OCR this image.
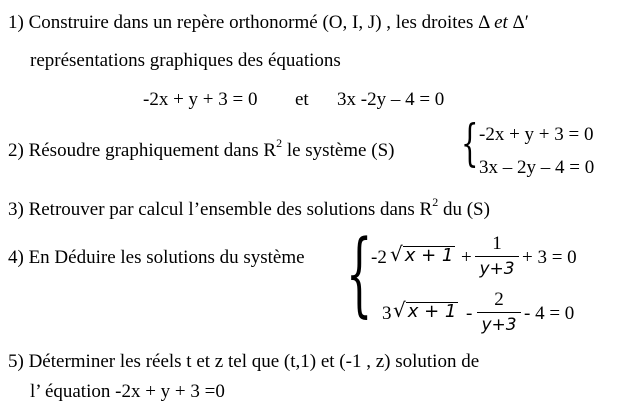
1) Construire dans un repère orthonormé (O, I, J) , les droites Δ et Δ′
représentations graphiques des équations
-2x + y + 3 = 0 et 3x -2y – 4 = 0
2) Résoudre graphiquement dans $R^2$ le système (S) { -2x + y + 3 = 0
3x – 2y – 4 = 0
3) Retrouver par calcul l’ensemble des solutions dans $R^2$ du (S)
4) En Déduire les solutions du système {
-2 √ x + 1 +
1
y+3
+ 3 = 0
3 √ x + 1 -
2
y+3
- 4 = 0
5) Déterminer les réels t et z tel que (t,1) et (-1 , z) solution de
l’ équation -2x + y + 3 =0
